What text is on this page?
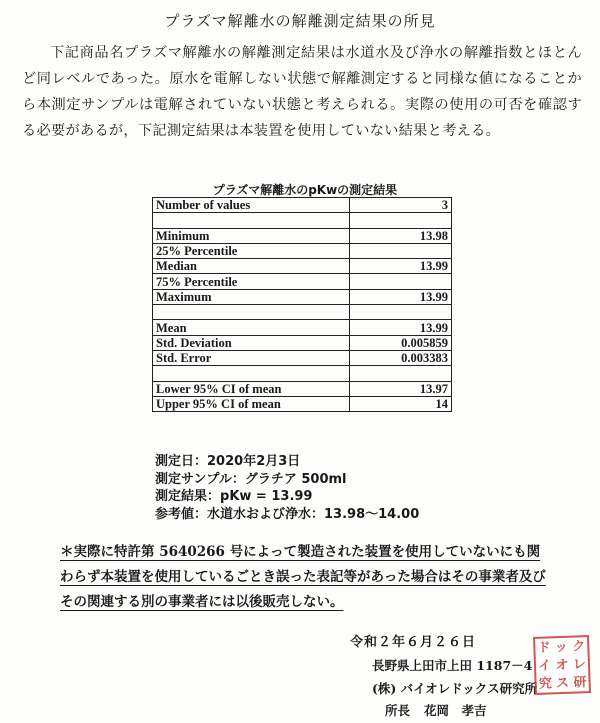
プラズマ解離水の解離測定結果の所見
下記商品名プラズマ解離水の解離測定結果は水道水及び浄水の解離指数とほとんど同レベルであった。原水を電解しない状態で解離測定すると同様な値になることから本測定サンプルは電解されていない状態と考えられる。実際の使用の可否を確認する必要があるが，下記測定結果は本装置を使用していない結果と考える。
プラズマ解離水のpKwの測定結果
Number of values	3

Minimum	13.98
25% Percentile	
Median	13.99
75% Percentile	
Maximum	13.99

Mean	13.99
Std. Deviation	0.005859
Std. Error	0.003383

Lower 95% CI of mean	13.97
Upper 95% CI of mean	14
測定日：2020年2月3日
測定サンプル：グラチア 500ml
測定結果：pKw = 13.99
参考値：水道水および浄水：13.98～14.00
＊実際に特許第 5640266 号によって製造された装置を使用していないにも関わらず本装置を使用しているごとき誤った表記等があった場合はその事業者及びその関連する別の事業者には以後販売しない。
令和２年６月２６日
長野県上田市上田 1187－4
(株) バイオレドックス研究所
所長 花岡　孝吉
ド ッ ク
イ オ レ
究 ス 研
